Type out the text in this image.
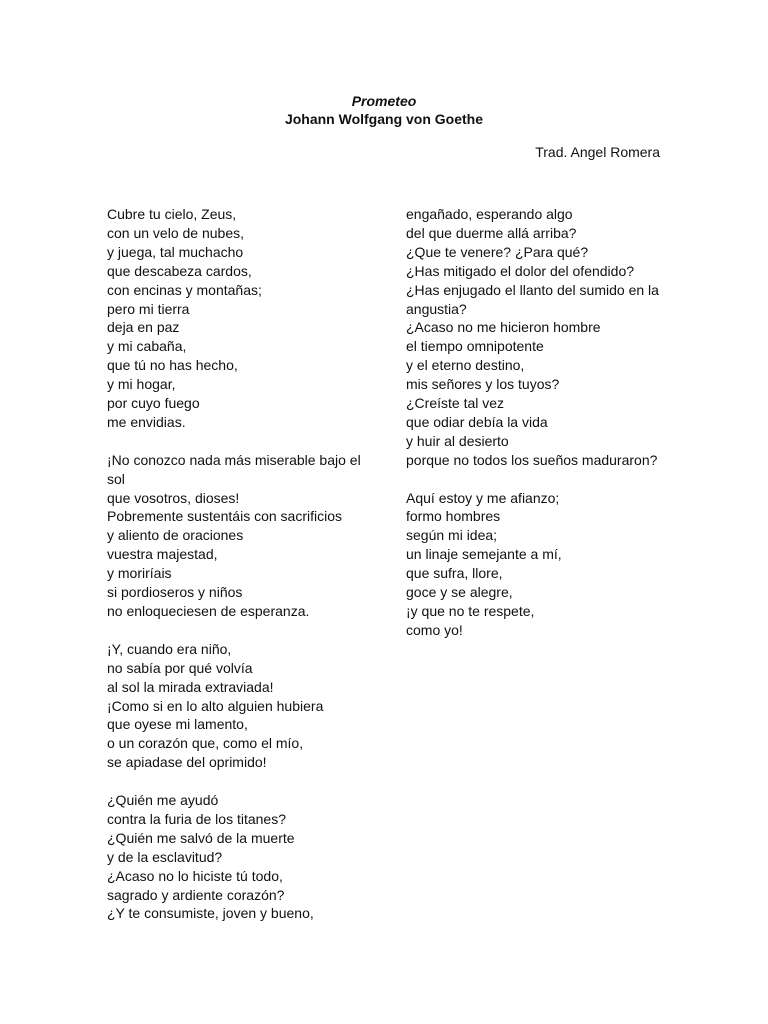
Prometeo
Johann Wolfgang von Goethe
Trad. Angel Romera
Cubre tu cielo, Zeus,
con un velo de nubes,
y juega, tal muchacho
que descabeza cardos,
con encinas y montañas;
pero mi tierra
deja en paz
y mi cabaña,
que tú no has hecho,
y mi hogar,
por cuyo fuego
me envidias.
¡No conozco nada más miserable bajo el sol
que vosotros, dioses!
Pobremente sustentáis con sacrificios
y aliento de oraciones
vuestra majestad,
y moriríais
si pordioseros y niños
no enloqueciesen de esperanza.
¡Y, cuando era niño,
no sabía por qué volvía
al sol la mirada extraviada!
¡Como si en lo alto alguien hubiera
que oyese mi lamento,
o un corazón que, como el mío,
se apiadase del oprimido!
¿Quién me ayudó
contra la furia de los titanes?
¿Quién me salvó de la muerte
y de la esclavitud?
¿Acaso no lo hiciste tú todo,
sagrado y ardiente corazón?
¿Y te consumiste, joven y bueno,
engañado, esperando algo
del que duerme allá arriba?
¿Que te venere? ¿Para qué?
¿Has mitigado el dolor del ofendido?
¿Has enjugado el llanto del sumido en la angustia?
¿Acaso no me hicieron hombre
el tiempo omnipotente
y el eterno destino,
mis señores y los tuyos?
¿Creíste tal vez
que odiar debía la vida
y huir al desierto
porque no todos los sueños maduraron?
Aquí estoy y me afianzo;
formo hombres
según mi idea;
un linaje semejante a mí,
que sufra, llore,
goce y se alegre,
¡y que no te respete,
como yo!
